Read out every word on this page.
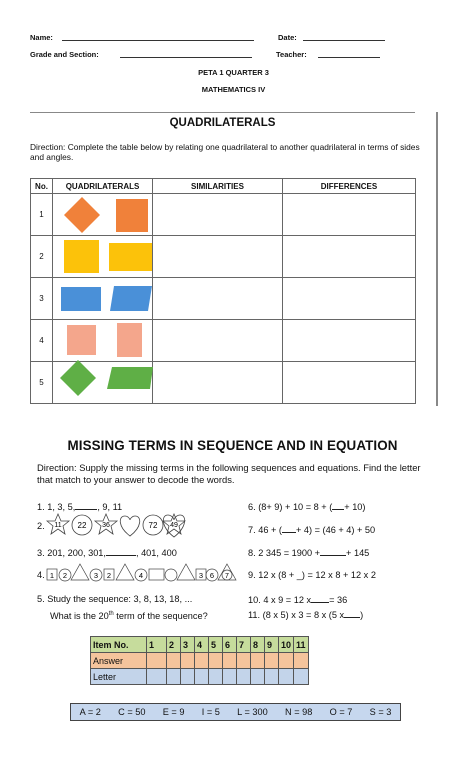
Name:	Date:
Grade and Section:	Teacher:
PETA 1 QUARTER 3
MATHEMATICS IV
QUADRILATERALS
Direction: Complete the table below by relating one quadrilateral to another quadrilateral in terms of sides and angles.
No.	QUADRILATERALS	SIMILARITIES	DIFFERENCES
1			
2			
3			
4			
5			
MISSING TERMS IN SEQUENCE AND IN EQUATION
Direction: Supply the missing terms in the following sequences and equations. Find the letter that match to your answer to decode the words.
1. 1, 3, 5, , 9, 11
2. 11 22 36	72 49
3. 201, 200, 301,	, 401, 400
4. 1 2	3 2	4	3 6 7
5. Study the sequence: 3, 8, 13, 18, ...
What is the 20th term of the sequence?
6. (8+ 9) + 10 = 8 + ( + 10)
7. 46 + ( + 4) = (46 + 4) + 50
8. 2 345 = 1900 +	+ 145
9. 12 x (8 + _) = 12 x 8 + 12 x 2
10. 4 x 9 = 12 x = 36
11. (8 x 5) x 3 = 8 x (5 x )
Item No.	1	2	3	4	5	6	7	8	9	10	11
Answer											
Letter											
A = 2 C = 50 E = 9 I = 5 L = 300 N = 98 O = 7 S = 3
